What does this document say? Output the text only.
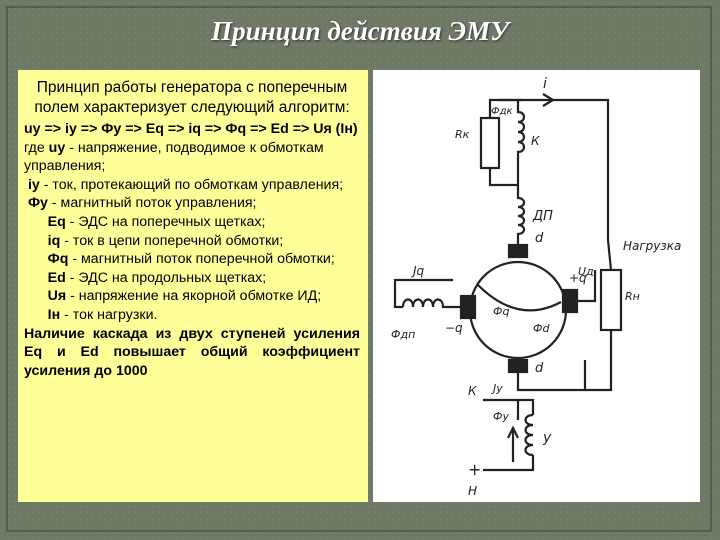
Принцип действия ЭМУ
Принцип работы генератора с поперечным полем характеризует следующий алгоритм:
uy => iy => Фy => Eq => iq => Фq => Ed => Uя (Iн)
где uy - напряжение, подводимое к обмоткам управления;
iy - ток, протекающий по обмоткам управления;
Фy - магнитный поток управления;
Eq - ЭДС на поперечных щетках;
iq - ток в цепи поперечной обмотки;
Фq - магнитный поток поперечной обмотки;
Ed - ЭДС на продольных щетках;
Uя - напряжение на якорной обмотке ИД;
Iн - ток нагрузки.
Наличие каскада из двух ступеней усиления Eq и Ed повышает общий коэффициент усиления до 1000
i
Rк
Фдк
К
ДП
d	Нагрузка
Rн
Uд
Jq
Фдп −q
+q
Фq
Фd
d
К Jу
+
Фу
у
Н
